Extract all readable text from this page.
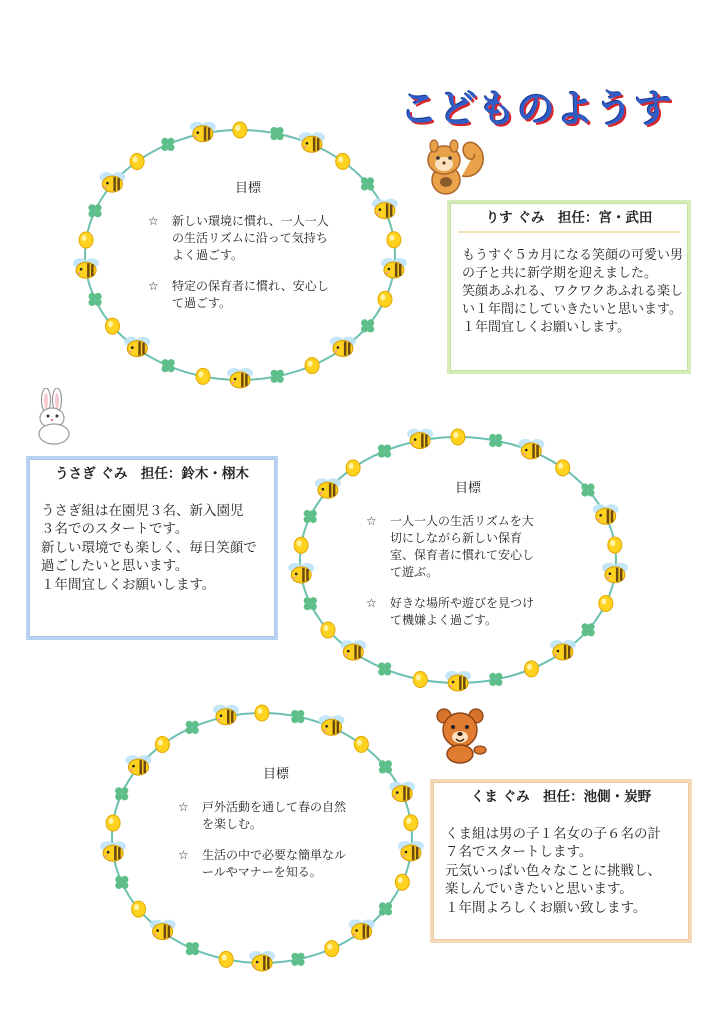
こどものようす
目標
☆	新しい環境に慣れ、一人一人
の生活リズムに沿って気持ち
よく過ごす。
☆	特定の保育者に慣れ、安心し
て過ごす。
目標
☆	一人一人の生活リズムを大
切にしながら新しい保育
室、保育者に慣れて安心し
て遊ぶ。
☆	好きな場所や遊びを見つけ
て機嫌よく過ごす。
目標
☆	戸外活動を通して春の自然
を楽しむ。
☆	生活の中で必要な簡単なル
ールやマナーを知る。
りす ぐみ　担任：宮・武田
もうすぐ５カ月になる笑顔の可愛い男
の子と共に新学期を迎えました。
笑顔あふれる、ワクワクあふれる楽し
い１年間にしていきたいと思います。
１年間宜しくお願いします。
うさぎ ぐみ　担任：鈴木・栩木
うさぎ組は在園児３名、新入園児
３名でのスタートです。
新しい環境でも楽しく、毎日笑顔で
過ごしたいと思います。
１年間宜しくお願いします。
くま ぐみ　担任：池側・炭野
くま組は男の子１名女の子６名の計
７名でスタートします。
元気いっぱい色々なことに挑戦し、
楽しんでいきたいと思います。
１年間よろしくお願い致します。
